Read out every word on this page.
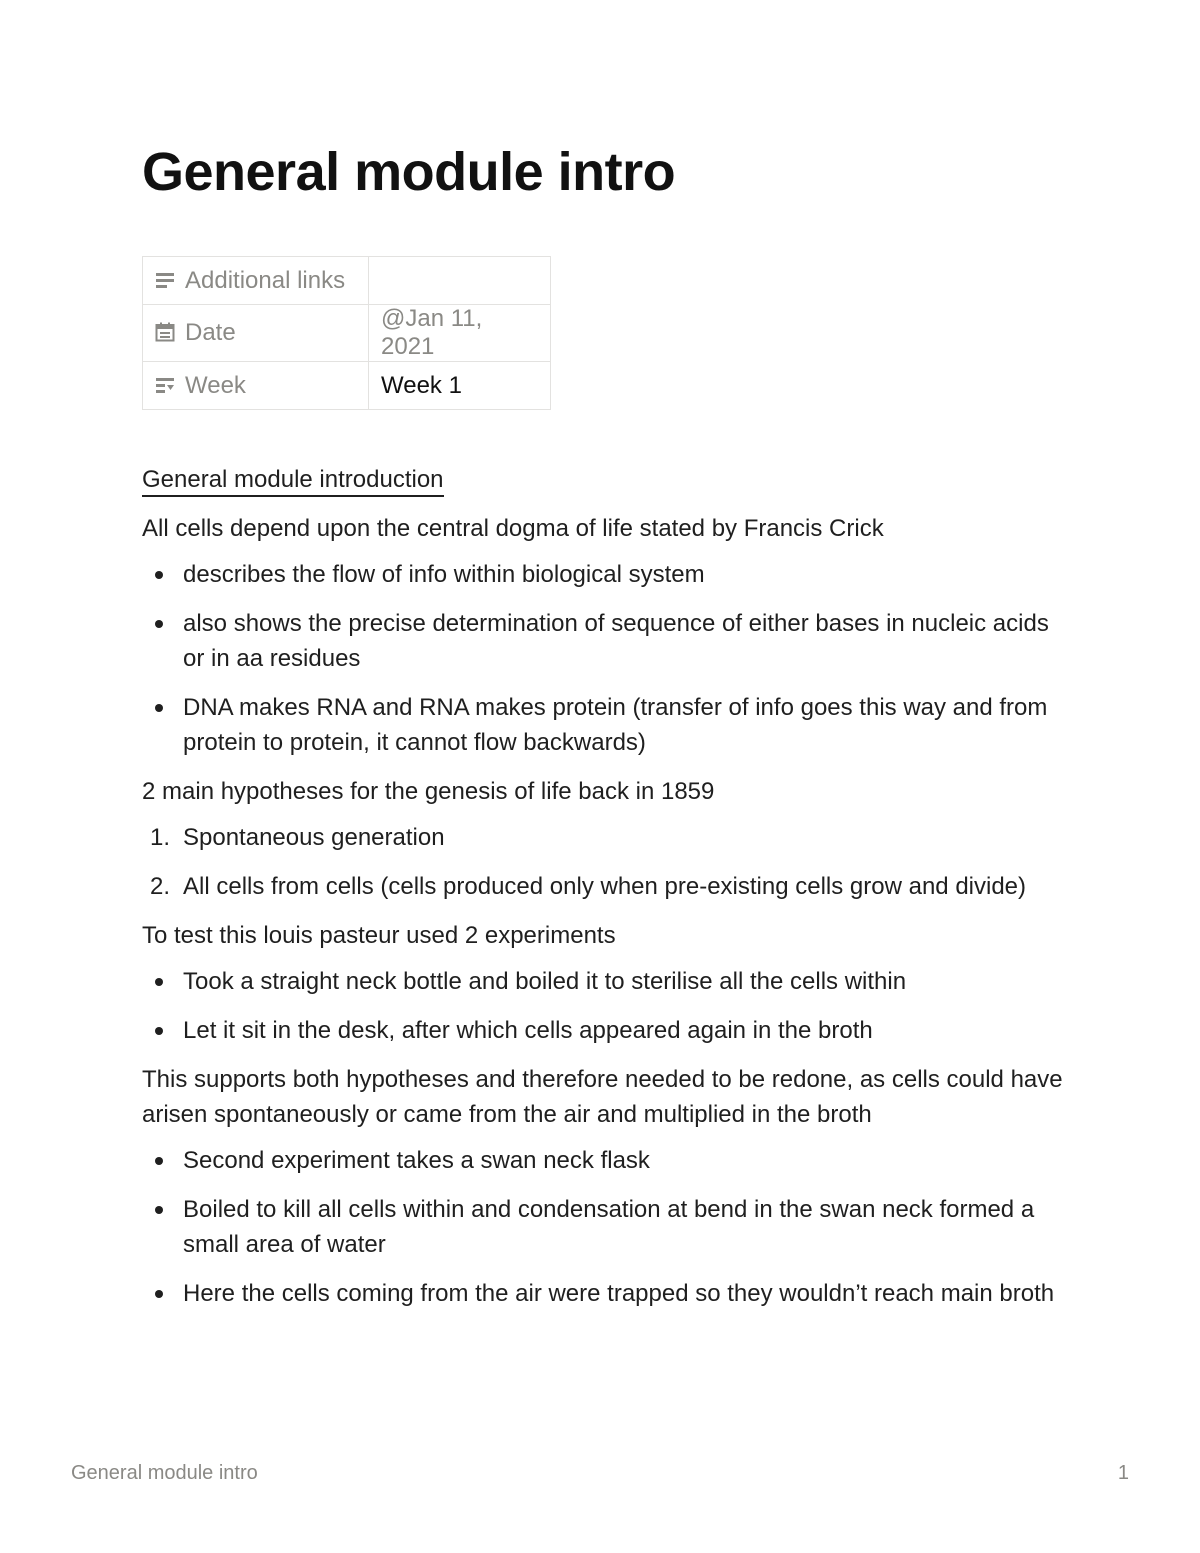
General module intro
Additional links	
Date	@Jan 11, 2021
Week	Week 1
General module introduction

All cells depend upon the central dogma of life stated by Francis Crick

describes the flow of info within biological system
also shows the precise determination of sequence of either bases in nucleic acids or in aa residues
DNA makes RNA and RNA makes protein (transfer of info goes this way and from protein to protein, it cannot flow backwards)

2 main hypotheses for the genesis of life back in 1859

1. Spontaneous generation
2. All cells from cells (cells produced only when pre-existing cells grow and divide)

To test this louis pasteur used 2 experiments

Took a straight neck bottle and boiled it to sterilise all the cells within
Let it sit in the desk, after which cells appeared again in the broth

This supports both hypotheses and therefore needed to be redone, as cells could have arisen spontaneously or came from the air and multiplied in the broth

Second experiment takes a swan neck flask
Boiled to kill all cells within and condensation at bend in the swan neck formed a small area of water
Here the cells coming from the air were trapped so they wouldn’t reach main broth
General module intro	1
